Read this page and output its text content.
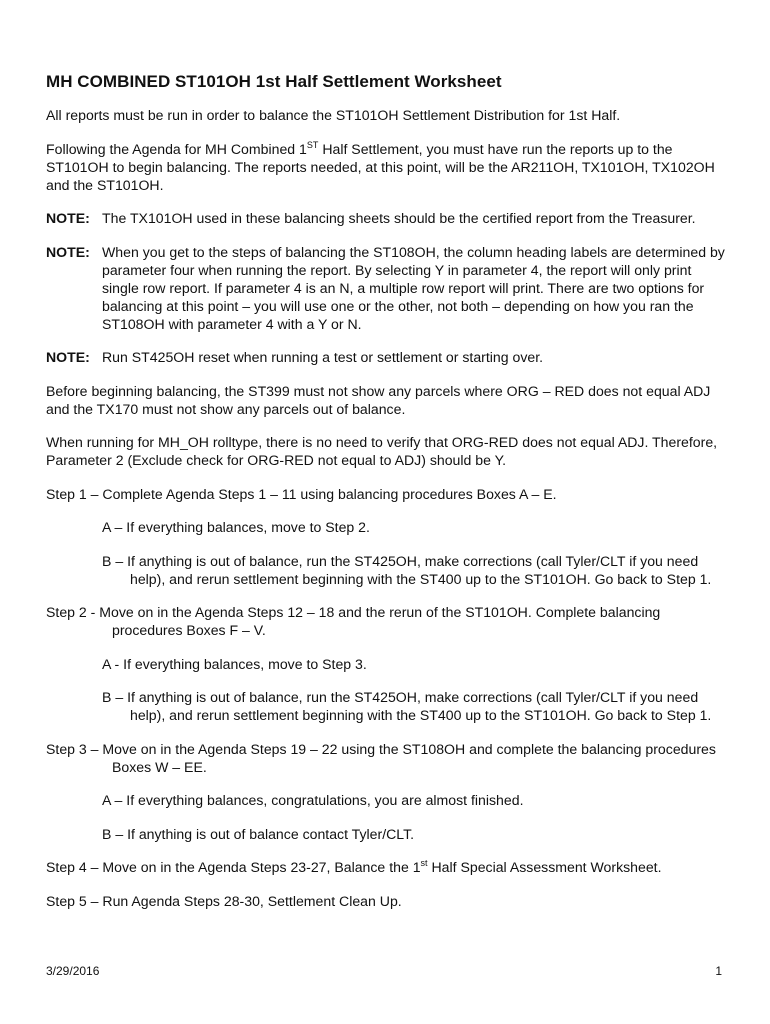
MH COMBINED ST101OH 1st Half Settlement Worksheet

All reports must be run in order to balance the ST101OH Settlement Distribution for 1st Half.

Following the Agenda for MH Combined 1ST Half Settlement, you must have run the reports up to the ST101OH to begin balancing. The reports needed, at this point, will be the AR211OH, TX101OH, TX102OH and the ST101OH.

NOTE: The TX101OH used in these balancing sheets should be the certified report from the Treasurer.
NOTE: When you get to the steps of balancing the ST108OH, the column heading labels are determined by parameter four when running the report. By selecting Y in parameter 4, the report will only print single row report. If parameter 4 is an N, a multiple row report will print. There are two options for balancing at this point – you will use one or the other, not both – depending on how you ran the ST108OH with parameter 4 with a Y or N.
NOTE: Run ST425OH reset when running a test or settlement or starting over.

Before beginning balancing, the ST399 must not show any parcels where ORG – RED does not equal ADJ and the TX170 must not show any parcels out of balance.

When running for MH_OH rolltype, there is no need to verify that ORG-RED does not equal ADJ. Therefore, Parameter 2 (Exclude check for ORG-RED not equal to ADJ) should be Y.

Step 1 – Complete Agenda Steps 1 – 11 using balancing procedures Boxes A – E.

A – If everything balances, move to Step 2.

B – If anything is out of balance, run the ST425OH, make corrections (call Tyler/CLT if you need help), and rerun settlement beginning with the ST400 up to the ST101OH. Go back to Step 1.

Step 2 - Move on in the Agenda Steps 12 – 18 and the rerun of the ST101OH. Complete balancing procedures Boxes F – V.

A - If everything balances, move to Step 3.

B – If anything is out of balance, run the ST425OH, make corrections (call Tyler/CLT if you need help), and rerun settlement beginning with the ST400 up to the ST101OH. Go back to Step 1.

Step 3 – Move on in the Agenda Steps 19 – 22 using the ST108OH and complete the balancing procedures Boxes W – EE.

A – If everything balances, congratulations, you are almost finished.

B – If anything is out of balance contact Tyler/CLT.

Step 4 – Move on in the Agenda Steps 23-27, Balance the 1st Half Special Assessment Worksheet.

Step 5 – Run Agenda Steps 28-30, Settlement Clean Up.

3/29/2016	1
